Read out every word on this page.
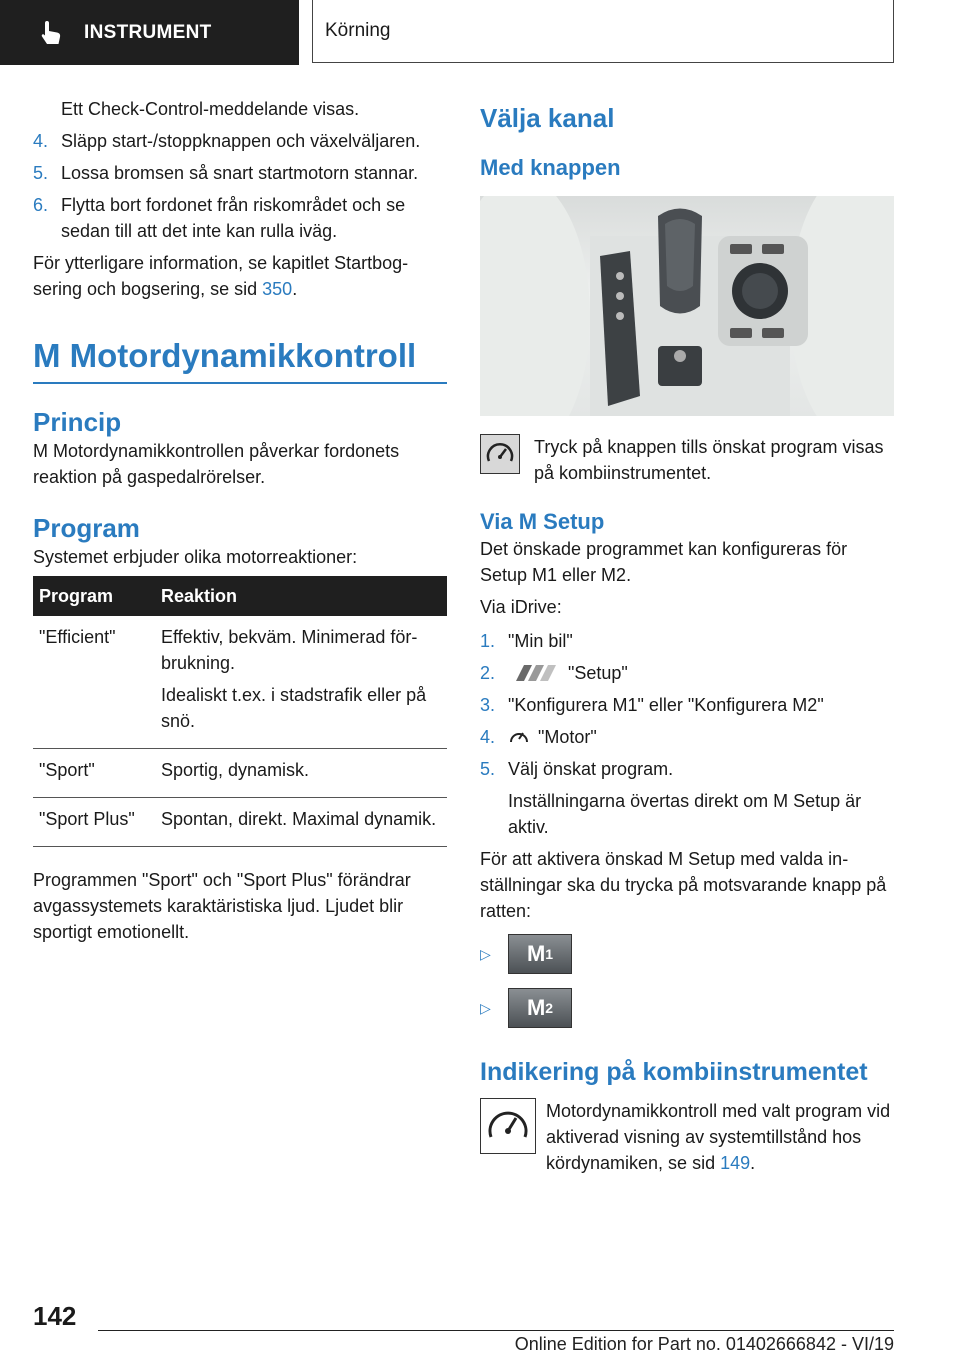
INSTRUMENT	Körning

Ett Check-Control-meddelande visas.

4. Släpp start-/stoppknappen och växelväljaren.
5. Lossa bromsen så snart startmotorn stannar.
6. Flytta bort fordonet från riskområdet och se sedan till att det inte kan rulla iväg.

För ytterligare information, se kapitlet Startbogsering och bogsering, se sid 350.

M Motordynamikkontroll
Princip

M Motordynamikkontrollen påverkar fordonets reaktion på gaspedalrörelser.

Program

Systemet erbjuder olika motorreaktioner:

Program	Reaktion
"Efficient"	Effektiv, bekväm. Minimerad förbrukning.

Idealiskt t.ex. i stadstrafik eller på snö.

"Sport"	Sportig, dynamisk.

"Sport Plus"	Spontan, direkt. Maximal dynamik.

Programmen "Sport" och "Sport Plus" förändrar avgassystemets karaktäristiska ljud. Ljudet blir sportigt emotionellt.

Välja kanal
Med knappen

Tryck på knappen tills önskat program visas på kombiinstrumentet.

Via M Setup

Det önskade programmet kan konfigureras för Setup M1 eller M2.

Via iDrive:

1. "Min bil"
2.	"Setup"
3. "Konfigurera M1" eller "Konfigurera M2"
4. "Motor"
5. Välj önskat program.

Inställningarna övertas direkt om M Setup är aktiv.

För att aktivera önskad M Setup med valda inställningar ska du trycka på motsvarande knapp på ratten:

▷	M 1
▷	M 2
Indikering på kombiinstrumentet

Motordynamikkontroll med valt program vid aktiverad visning av systemtillstånd hos kördynamiken, se sid 149.

142
Online Edition for Part no. 01402666842 - VI/19
